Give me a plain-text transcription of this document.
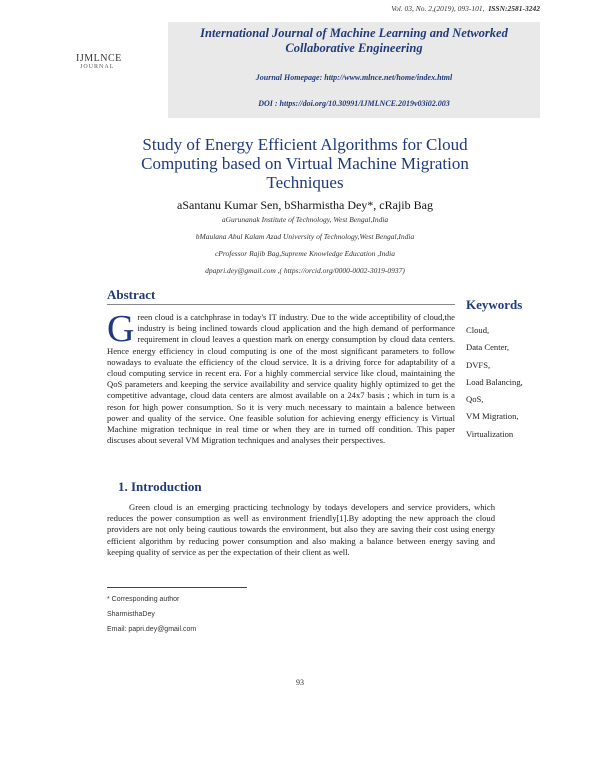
Vol. 03, No. 2,(2019), 093-101, ISSN:2581-3242
IJMLNCE
JOURNAL
International Journal of Machine Learning and Networked
Collaborative Engineering
Journal Homepage: http://www.mlnce.net/home/index.html
DOI : https://doi.org/10.30991/IJMLNCE.2019v03i02.003
Study of Energy Efficient Algorithms for Cloud
Computing based on Virtual Machine Migration
Techniques
aSantanu Kumar Sen, bSharmistha Dey*, cRajib Bag
aGurunanak Institute of Technology, West Bengal,India
bMaulana Abul Kalam Azad University of Technology,West Bengal,India
cProfessor Rajib Bag,Supreme Knowledge Education ,India
dpapri.dey@gmail.com ,( https://orcid.org/0000-0002-3019-0937)
Abstract
Green cloud is a catchphrase in today's IT industry. Due to the wide acceptibility of cloud,the industry is being inclined towards cloud application and the high demand of performance requirement in cloud leaves a question mark on energy consumption by cloud data centers. Hence energy efficiency in cloud computing is one of the most significant parameters to follow nowadays to evaluate the efficiency of the cloud service. It is a driving force for adaptability of a cloud computing service in recent era. For a highly commercial service like cloud, maintaining the QoS parameters and keeping the service availability and service quality highly optimized to get the competitive advantage, cloud data centers are almost available on a 24x7 basis ; which in turn is a reson for high power consumption. So it is very much necessary to maintain a balence between power and quality of the service. One feasible solution for achieving energy efficiency is Virtual Machine migration technique in real time or when they are in turned off condition. This paper discuses about several VM Migration techniques and analyses their perspectives.
Keywords
Cloud,
Data Center,
DVFS,
Load Balancing,
QoS,
VM Migration,
Virtualization
1. Introduction
Green cloud is an emerging practicing technology by todays developers and service providers, which reduces the power consumption as well as environment friendly[1].By adopting the new approach the cloud providers are not only being cautious towards the environment, but also they are saving their cost using energy efficient algorithm by reducing power consumption and also making a balance between energy saving and keeping quality of service as per the expectation of their client as well.
* Corresponding author
SharmisthaDey
Email: papri.dey@gmail.com
93
